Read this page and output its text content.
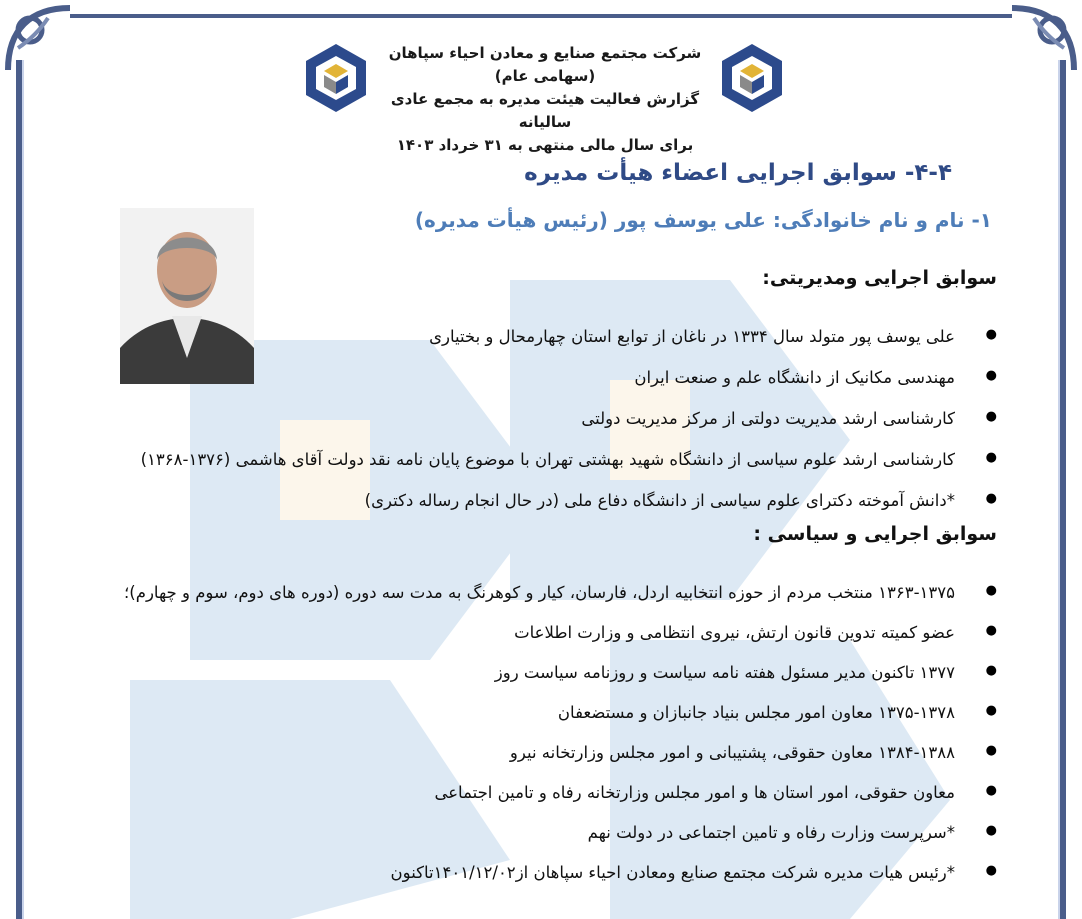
شرکت مجتمع صنایع و معادن احیاء سپاهان (سهامی عام)
گزارش فعالیت هیئت مدیره به مجمع عادی سالیانه
برای سال مالی منتهی به ۳۱ خرداد ۱۴۰۳
۴-۴- سوابق اجرایی اعضاء هیأت مدیره
۱- نام و نام خانوادگی: علی یوسف پور (رئیس هیأت مدیره)
سوابق اجرایی ومدیریتی:
● علی یوسف پور متولد سال ۱۳۳۴ در ناغان از توابع استان چهارمحال و بختیاری
● مهندسی مکانیک از دانشگاه علم و صنعت ایران
● کارشناسی ارشد مدیریت دولتی از مرکز مدیریت دولتی
● کارشناسی ارشد علوم سیاسی از دانشگاه شهید بهشتی تهران با موضوع پایان نامه نقد دولت آقای هاشمی (۱۳۷۶-۱۳۶۸)
● *دانش آموخته دکترای علوم سیاسی از دانشگاه دفاع ملی (در حال انجام رساله دکتری)
سوابق اجرایی و سیاسی :
● ۱۳۶۳-۱۳۷۵ منتخب مردم از حوزه انتخابیه اردل، فارسان، کیار و کوهرنگ به مدت سه دوره (دوره های دوم، سوم و چهارم)؛
● عضو کمیته تدوین قانون ارتش، نیروی انتظامی و وزارت اطلاعات
● ۱۳۷۷ تاکنون مدیر مسئول هفته نامه سیاست و روزنامه سیاست روز
● ۱۳۷۵-۱۳۷۸ معاون امور مجلس بنیاد جانبازان و مستضعفان
● ۱۳۸۴-۱۳۸۸ معاون حقوقی، پشتیبانی و امور مجلس وزارتخانه نیرو
● معاون حقوقی، امور استان ها و امور مجلس وزارتخانه رفاه و تامین اجتماعی
● *سرپرست وزارت رفاه و تامین اجتماعی در دولت نهم
● *رئیس هیات مدیره شرکت مجتمع صنایع ومعادن احیاء سپاهان از۱۴۰۱/۱۲/۰۲تاکنون
